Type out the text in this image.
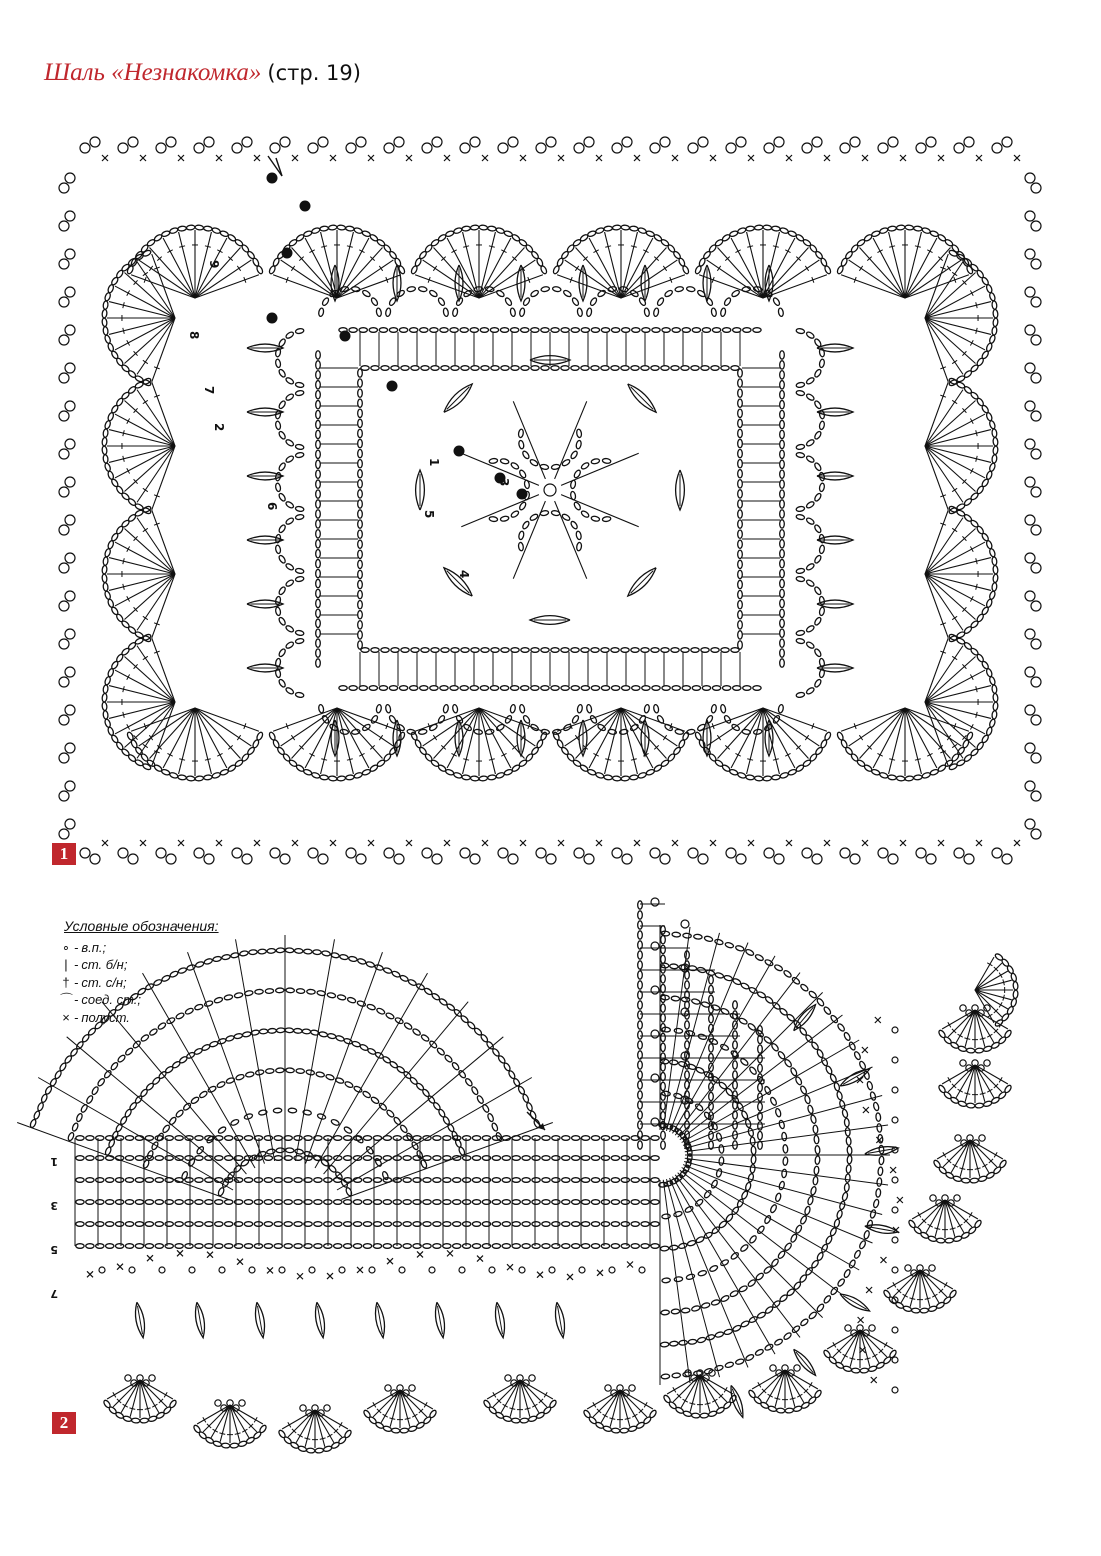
Шаль «Незнакомка» (стр. 19)
9
8
7
6
5
4
3
2
1
1
Условные обозначения:
∘ - в.п.;
| - ст. б/н;
† - ст. с/н;
⌒ - соед. ст.;
× - полуст.
1
3
5
7
2
